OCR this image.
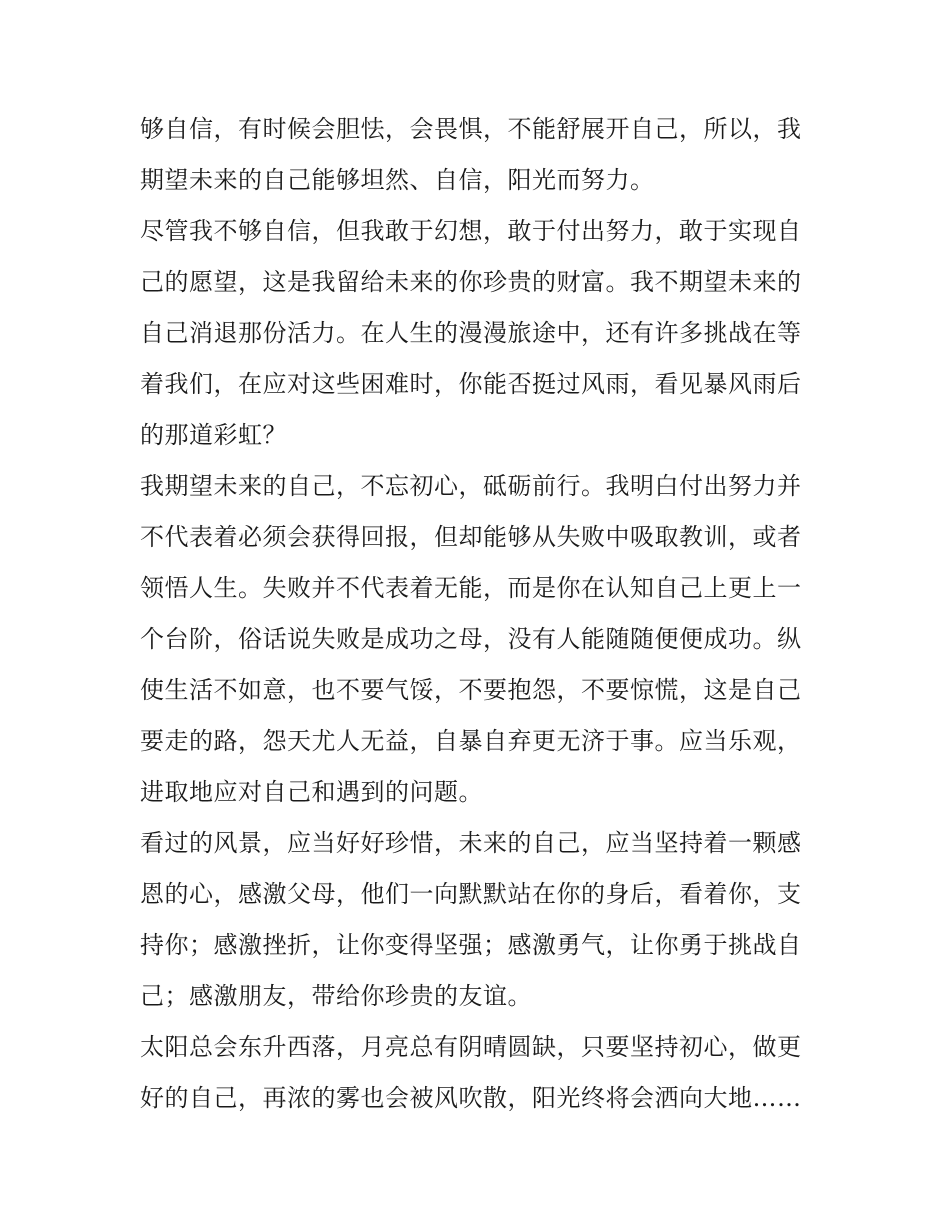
够自信，有时候会胆怯，会畏惧，不能舒展开自己，所以，我
期望未来的自己能够坦然、自信，阳光而努力。

尽管我不够自信，但我敢于幻想，敢于付出努力，敢于实现自
己的愿望，这是我留给未来的你珍贵的财富。我不期望未来的
自己消退那份活力。在人生的漫漫旅途中，还有许多挑战在等
着我们，在应对这些困难时，你能否挺过风雨，看见暴风雨后
的那道彩虹？

我期望未来的自己，不忘初心，砥砺前行。我明白付出努力并
不代表着必须会获得回报，但却能够从失败中吸取教训，或者
领悟人生。失败并不代表着无能，而是你在认知自己上更上一
个台阶，俗话说失败是成功之母，没有人能随随便便成功。纵
使生活不如意，也不要气馁，不要抱怨，不要惊慌，这是自己
要走的路，怨天尤人无益，自暴自弃更无济于事。应当乐观，
进取地应对自己和遇到的问题。

看过的风景，应当好好珍惜，未来的自己，应当坚持着一颗感
恩的心，感激父母，他们一向默默站在你的身后，看着你，支
持你；感激挫折，让你变得坚强；感激勇气，让你勇于挑战自
己；感激朋友，带给你珍贵的友谊。

太阳总会东升西落，月亮总有阴晴圆缺，只要坚持初心，做更
好的自己，再浓的雾也会被风吹散，阳光终将会洒向大地……
